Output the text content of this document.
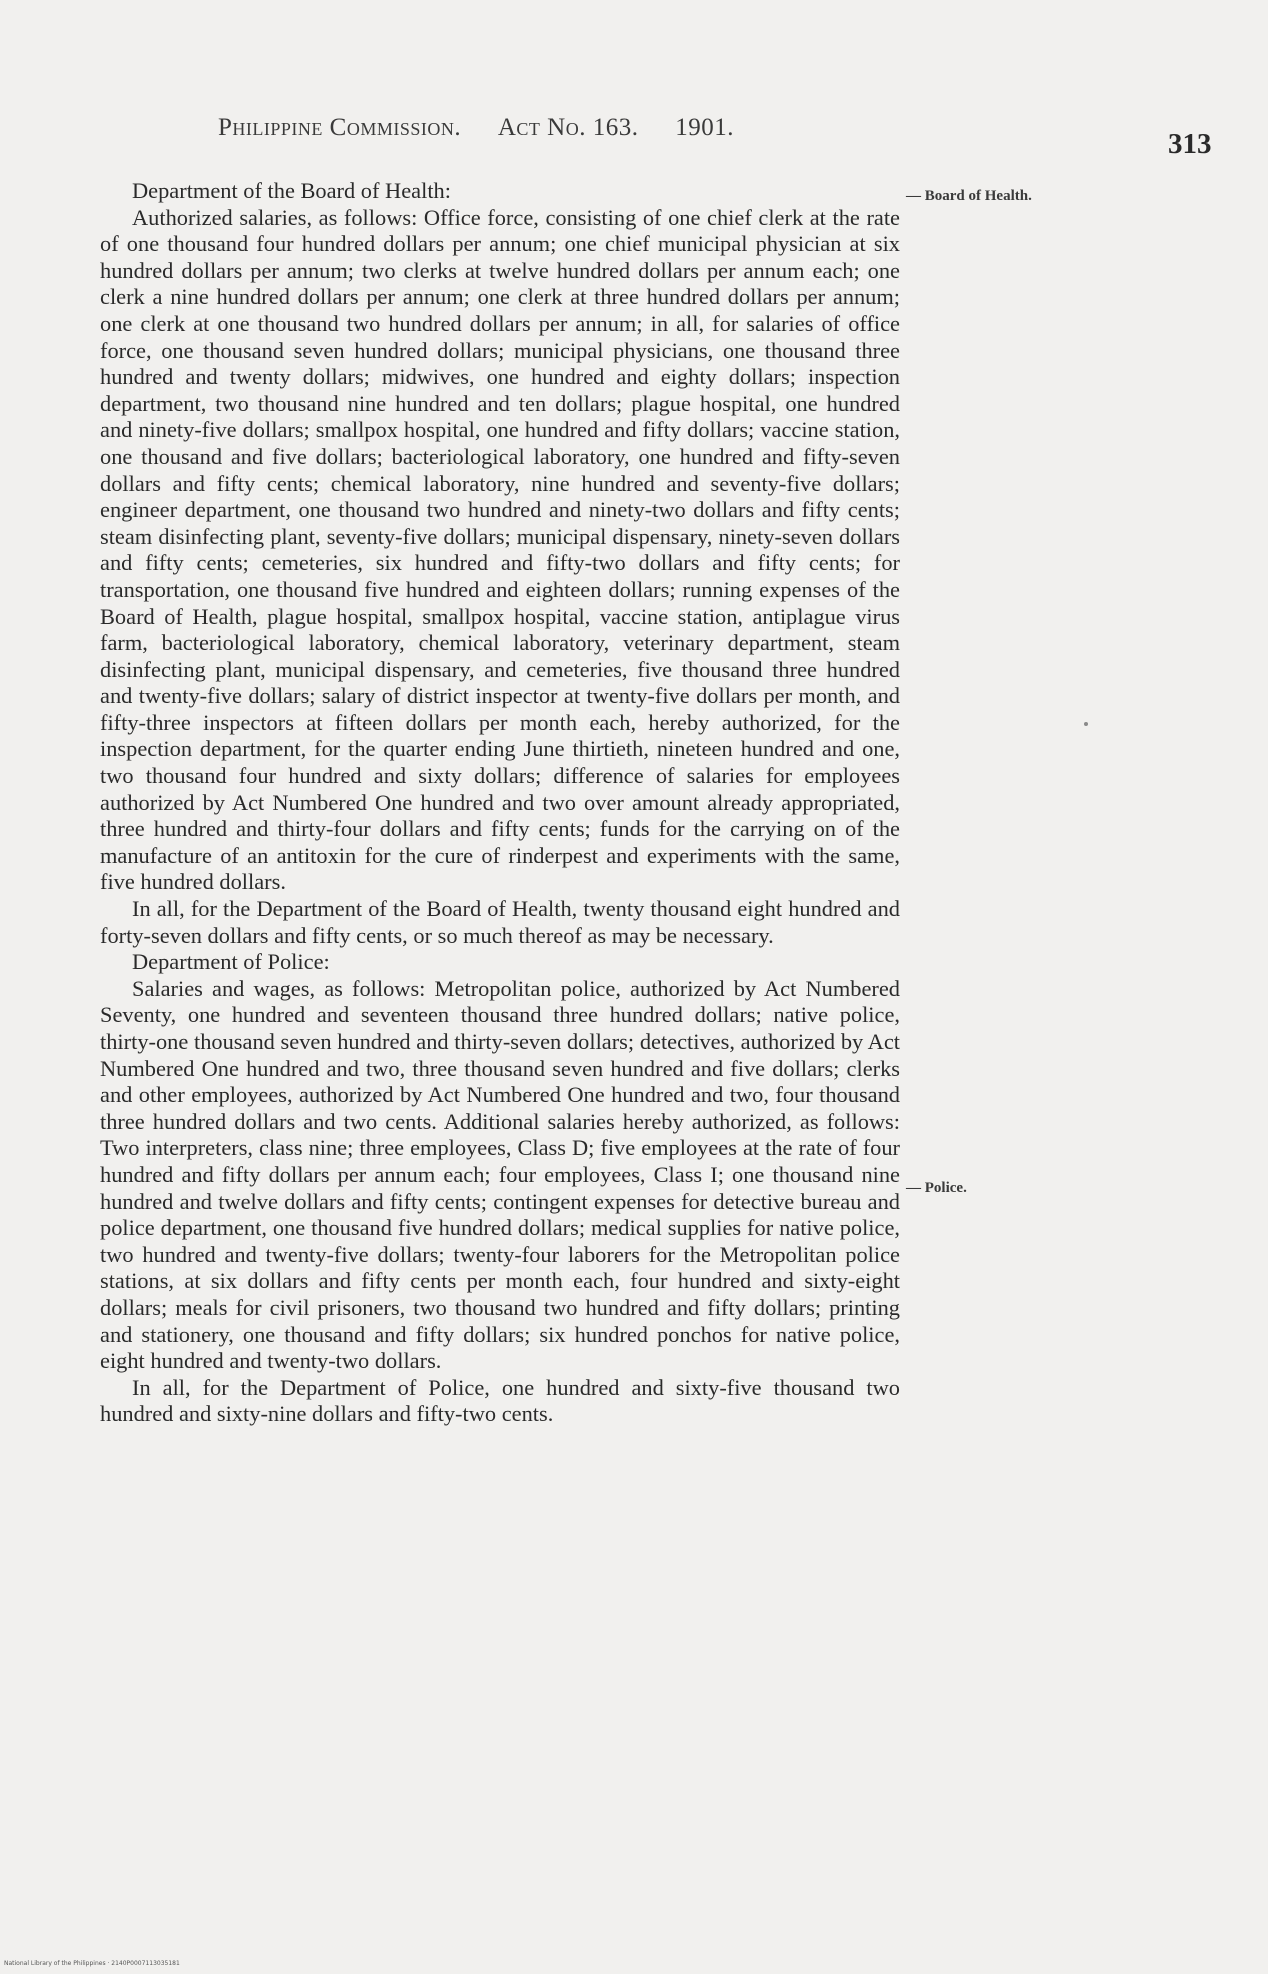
Philippine Commission. Act No. 163. 1901.
313
— Board of Health.
— Police.

Department of the Board of Health:

Authorized salaries, as follows: Office force, consisting of one chief clerk at the rate of one thousand four hundred dollars per annum; one chief municipal physician at six hundred dollars per annum; two clerks at twelve hundred dollars per annum each; one clerk a nine hundred dollars per annum; one clerk at three hundred dollars per annum; one clerk at one thousand two hundred dollars per annum; in all, for salaries of office force, one thousand seven hundred dollars; municipal physicians, one thousand three hundred and twenty dollars; midwives, one hundred and eighty dollars; inspection department, two thousand nine hundred and ten dollars; plague hospital, one hundred and ninety-five dollars; smallpox hospital, one hundred and fifty dollars; vaccine station, one thousand and five dollars; bacteriological laboratory, one hundred and fifty-seven dollars and fifty cents; chemical laboratory, nine hundred and seventy-five dollars; engineer department, one thousand two hundred and ninety-two dollars and fifty cents; steam disinfecting plant, seventy-five dollars; municipal dispensary, ninety-seven dollars and fifty cents; cemeteries, six hundred and fifty-two dollars and fifty cents; for transportation, one thousand five hundred and eighteen dollars; running expenses of the Board of Health, plague hospital, smallpox hospital, vaccine station, antiplague virus farm, bacteriological laboratory, chemical laboratory, veterinary department, steam disinfecting plant, municipal dispensary, and cemeteries, five thousand three hundred and twenty-five dollars; salary of district inspector at twenty-five dollars per month, and fifty-three inspectors at fifteen dollars per month each, hereby authorized, for the inspection department, for the quarter ending June thirtieth, nineteen hundred and one, two thousand four hundred and sixty dollars; difference of salaries for employees authorized by Act Numbered One hundred and two over amount already appropriated, three hundred and thirty-four dollars and fifty cents; funds for the carrying on of the manufacture of an antitoxin for the cure of rinderpest and experiments with the same, five hundred dollars.

In all, for the Department of the Board of Health, twenty thousand eight hundred and forty-seven dollars and fifty cents, or so much thereof as may be necessary.

Department of Police:

Salaries and wages, as follows: Metropolitan police, authorized by Act Numbered Seventy, one hundred and seventeen thousand three hundred dollars; native police, thirty-one thousand seven hundred and thirty-seven dollars; detectives, authorized by Act Numbered One hundred and two, three thousand seven hundred and five dollars; clerks and other employees, authorized by Act Numbered One hundred and two, four thousand three hundred dollars and two cents. Additional salaries hereby authorized, as follows: Two interpreters, class nine; three employees, Class D; five employees at the rate of four hundred and fifty dollars per annum each; four employees, Class I; one thousand nine hundred and twelve dollars and fifty cents; contingent expenses for detective bureau and police department, one thousand five hundred dollars; medical supplies for native police, two hundred and twenty-five dollars; twenty-four laborers for the Metropolitan police stations, at six dollars and fifty cents per month each, four hundred and sixty-eight dollars; meals for civil prisoners, two thousand two hundred and fifty dollars; printing and stationery, one thousand and fifty dollars; six hundred ponchos for native police, eight hundred and twenty-two dollars.

In all, for the Department of Police, one hundred and sixty-five thousand two hundred and sixty-nine dollars and fifty-two cents.

National Library of the Philippines · 2140P0007113035181
